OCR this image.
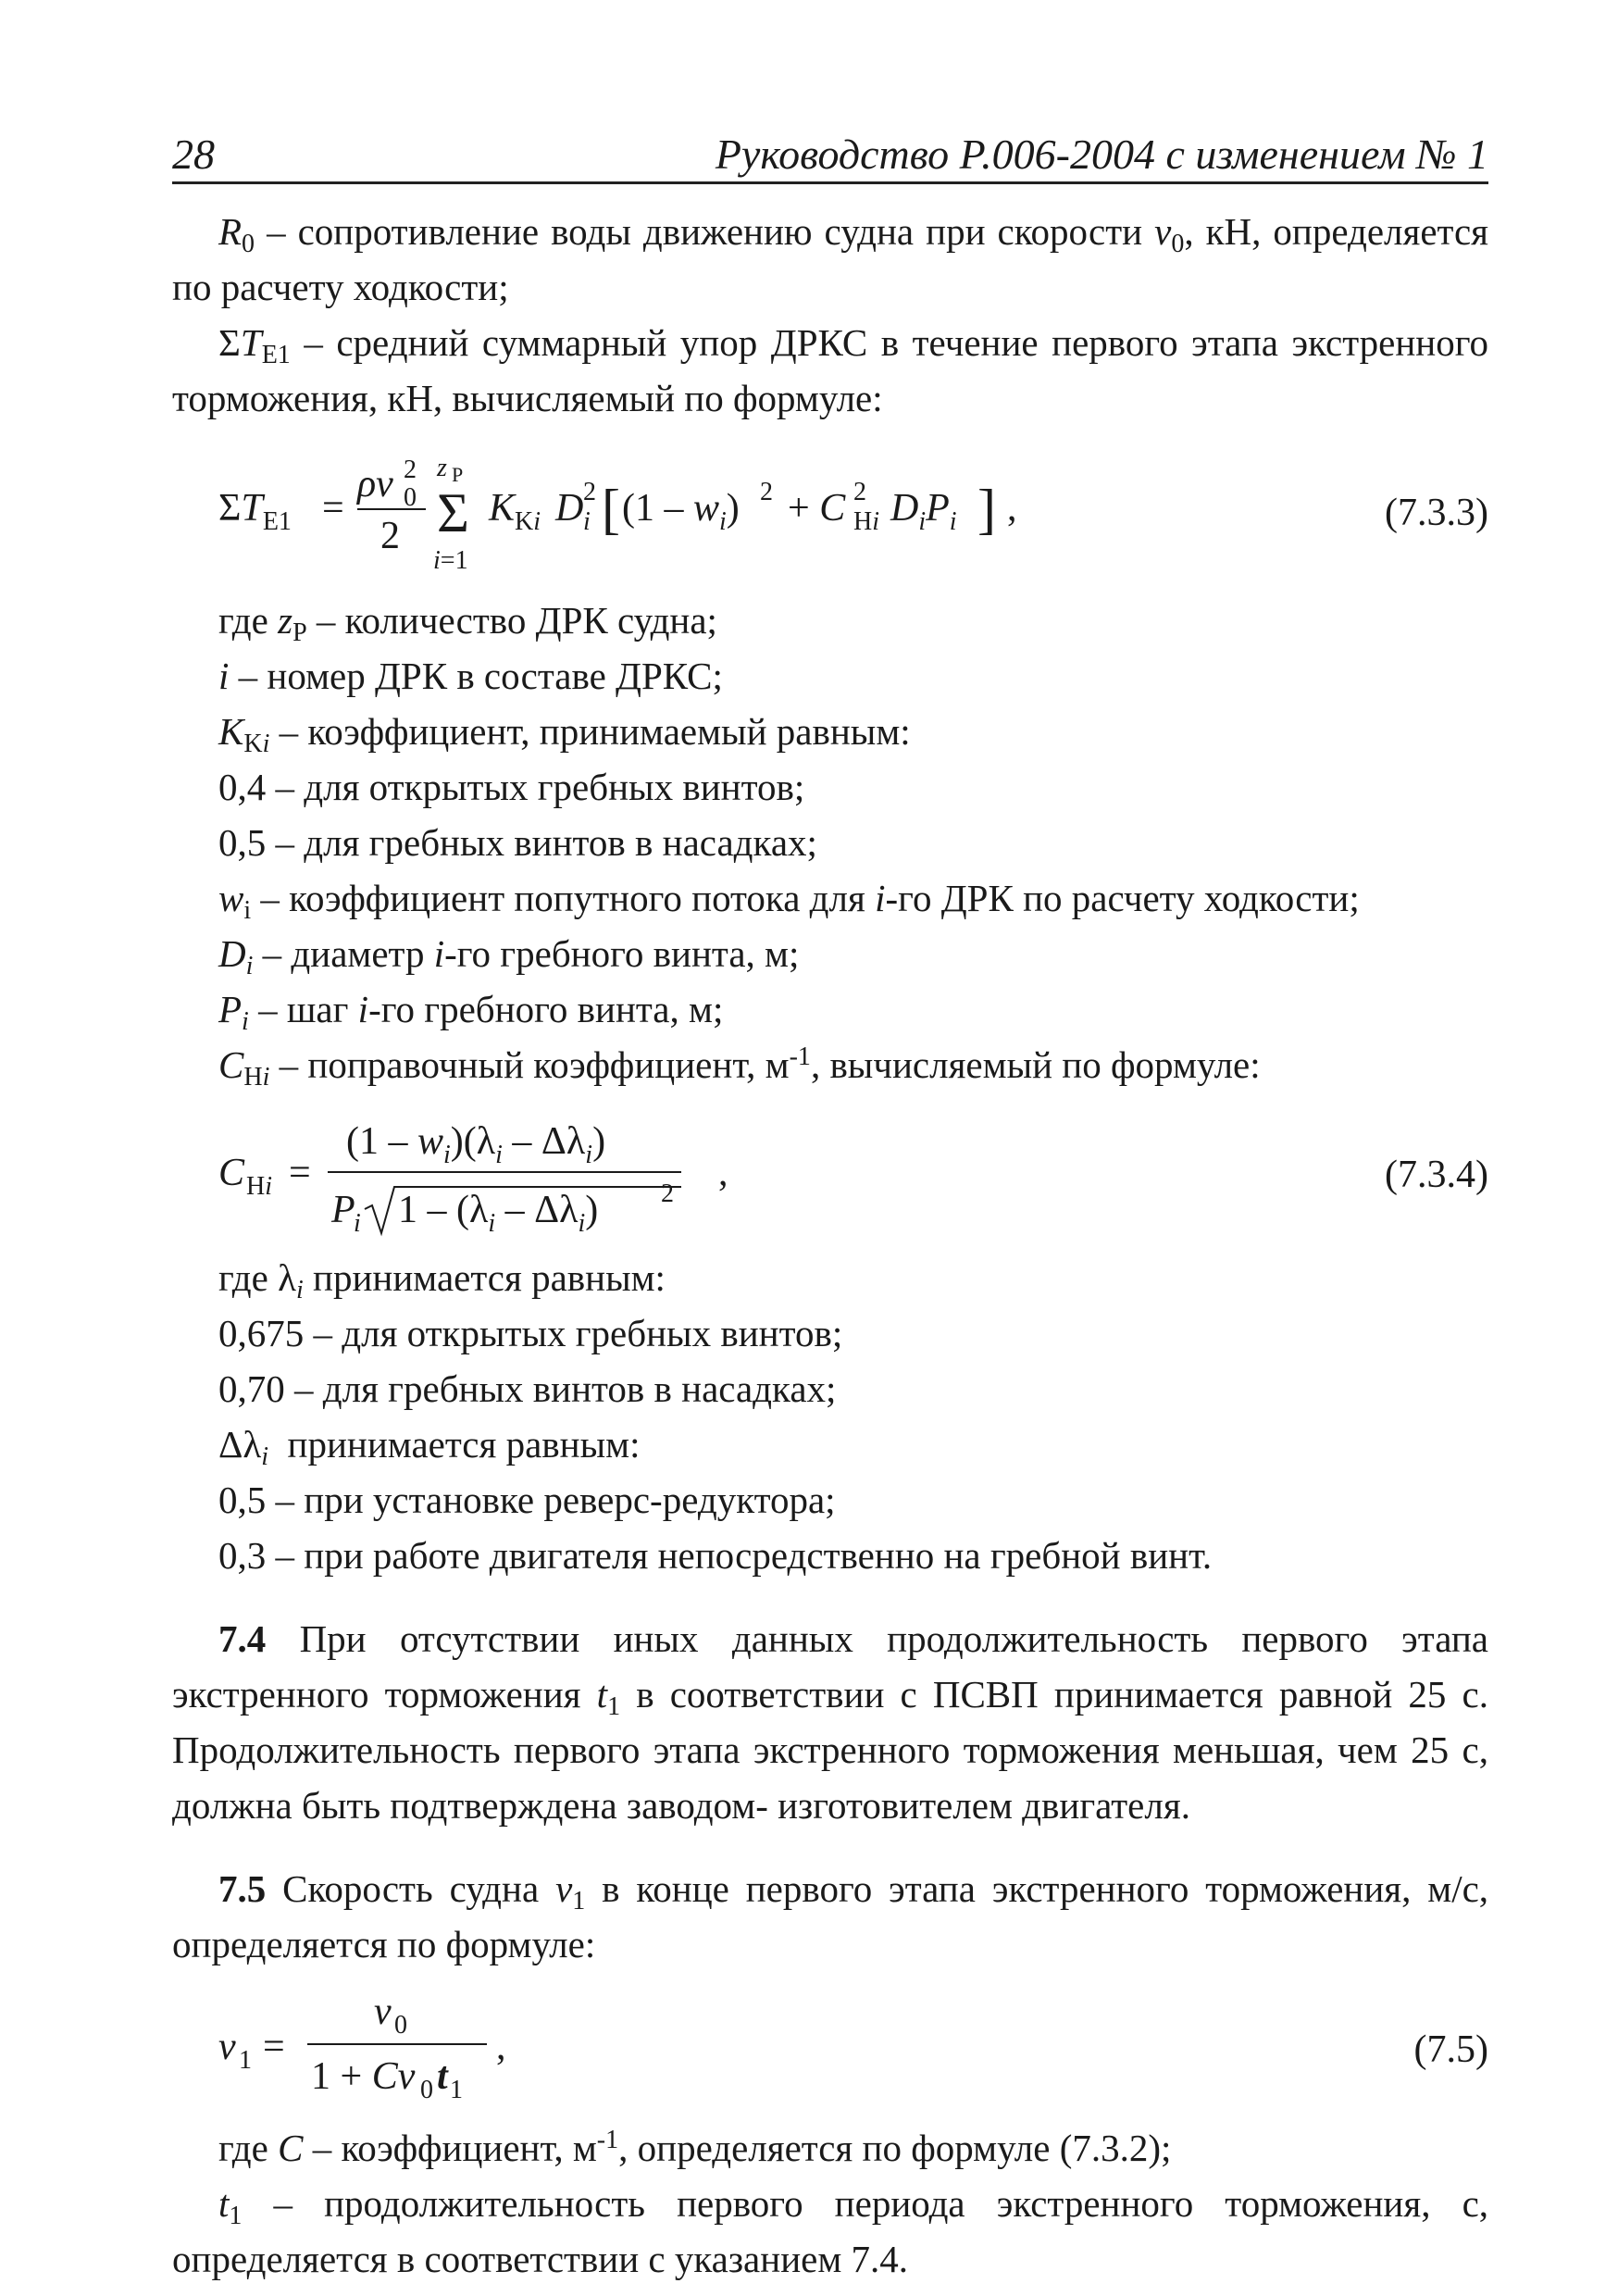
28	Руководство Р.006-2004 с изменением № 1

$R_0$ – сопротивление воды движению судна при скорости $v_0$, кН, определяется по расчету ходкости;

$\Sigma T_{E1}$ – средний суммарный упор ДРКС в течение первого этапа экстренного торможения, кН, вычисляемый по формуле:

$\Sigma T_{E1}$ =
ρv 0
2
2
z P
Σ
i=1
K Ki D i
2 [ $(1 - w_i)$ 2 + C Hi
2 $D_iP_i$ ] ,	(7.3.3)

где $z_P$ – количество ДРК судна;

i – номер ДРК в составе ДРКС;

$K_{Ki}$ – коэффициент, принимаемый равным:

0,4 – для открытых гребных винтов;

0,5 – для гребных винтов в насадках;

$w_i$ – коэффициент попутного потока для i-го ДРК по расчету ходкости;

$D_i$ – диаметр i-го гребного винта, м;

$P_i$ – шаг i-го гребного винта, м;

$C_{Hi}$ – поправочный коэффициент, $м^{-1}$, вычисляемый по формуле:

C Hi =
$(1 - w_i)(\lambda_i - \Delta\lambda_i)$
P
i $1 - (\lambda_i - \Delta\lambda_i)$ 2 ,	(7.3.4)

где $\lambda_i$ принимается равным:

0,675 – для открытых гребных винтов;

0,70 – для гребных винтов в насадках;

$\Delta\lambda_i$ принимается равным:

0,5 – при установке реверс-редуктора;

0,3 – при работе двигателя непосредственно на гребной винт.

7.4 При отсутствии иных данных продолжительность первого этапа экстренного торможения $t_1$ в соответствии с ПСВП принимается равной 25 с. Продолжительность первого этапа экстренного торможения меньшая, чем 25 с, должна быть подтверждена заводом- изготовителем двигателя.

7.5 Скорость судна $v_1$ в конце первого этапа экстренного торможения, м/с, определяется по формуле:

v 1 =
v 0
1 + Cv 0 t 1
,	(7.5)

где C – коэффициент, $м^{-1}$, определяется по формуле (7.3.2);

$t_1$ – продолжительность первого периода экстренного торможения, с, определяется в соответствии с указанием 7.4.
